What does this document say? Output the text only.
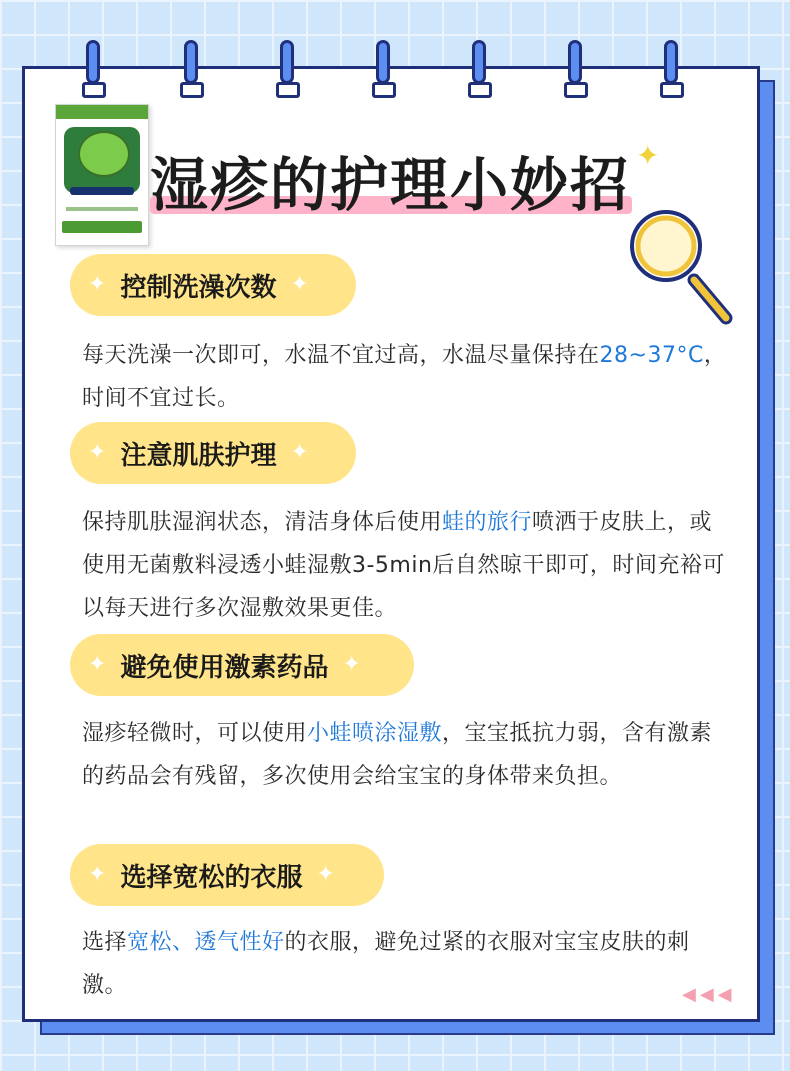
湿疹的护理小妙招 ✦
✦ 控制洗澡次数 ✦

每天洗澡一次即可，水温不宜过高，水温尽量保持在28~37°C，时间不宜过长。

✦ 注意肌肤护理 ✦

保持肌肤湿润状态，清洁身体后使用蛙的旅行喷洒于皮肤上，或使用无菌敷料浸透小蛙湿敷3-5min后自然晾干即可，时间充裕可以每天进行多次湿敷效果更佳。

✦ 避免使用激素药品 ✦

湿疹轻微时，可以使用小蛙喷涂湿敷，宝宝抵抗力弱，含有激素的药品会有残留，多次使用会给宝宝的身体带来负担。

✦ 选择宽松的衣服 ✦

选择宽松、透气性好的衣服，避免过紧的衣服对宝宝皮肤的刺激。	◀◀◀
